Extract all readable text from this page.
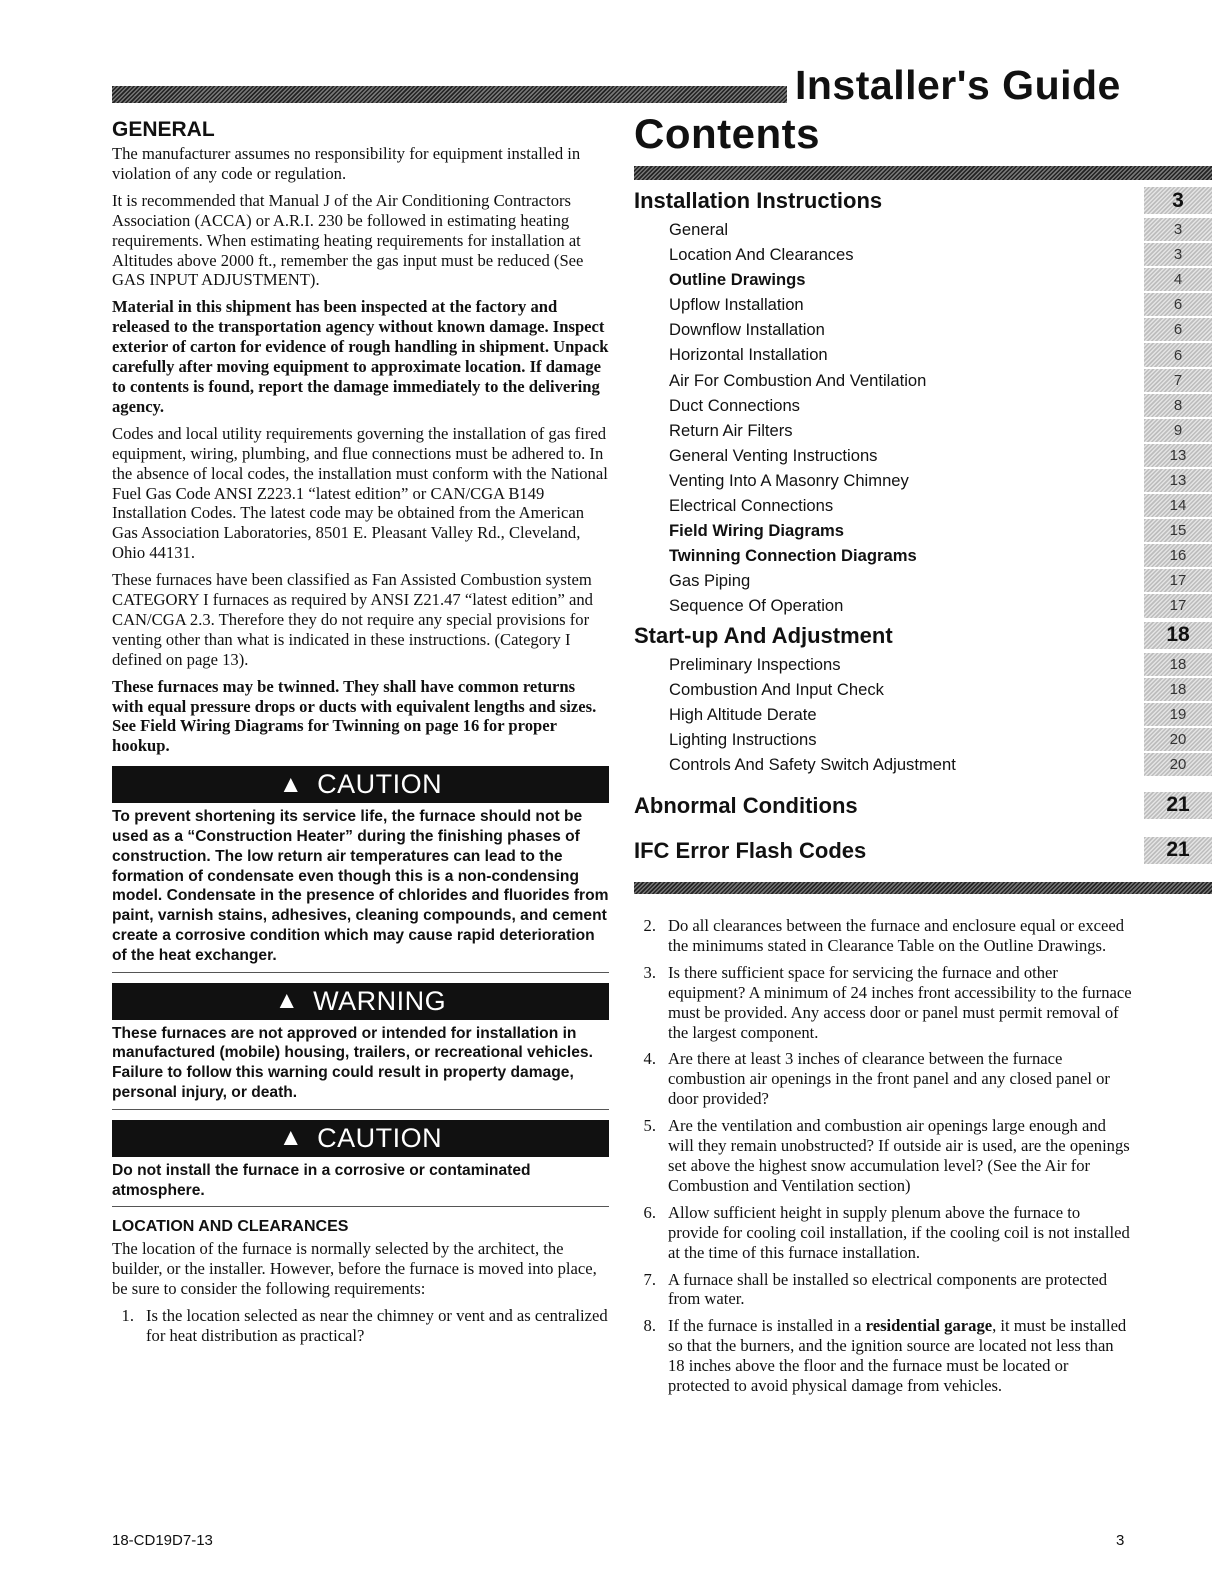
Installer's Guide
GENERAL

The manufacturer assumes no responsibility for equipment installed in violation of any code or regulation.

It is recommended that Manual J of the Air Conditioning Contractors Association (ACCA) or A.R.I. 230 be followed in estimating heating requirements. When estimating heating requirements for installation at Altitudes above 2000 ft., remember the gas input must be reduced (See GAS INPUT ADJUSTMENT).

Material in this shipment has been inspected at the factory and released to the transportation agency without known damage. Inspect exterior of carton for evidence of rough handling in shipment. Unpack carefully after moving equipment to approximate location. If damage to contents is found, report the damage immediately to the delivering agency.

Codes and local utility requirements governing the installation of gas fired equipment, wiring, plumbing, and flue connections must be adhered to. In the absence of local codes, the installation must conform with the National Fuel Gas Code ANSI Z223.1 “latest edition” or CAN/CGA B149 Installation Codes. The latest code may be obtained from the American Gas Association Laboratories, 8501 E. Pleasant Valley Rd., Cleveland, Ohio 44131.

These furnaces have been classified as Fan Assisted Combustion system CATEGORY I furnaces as required by ANSI Z21.47 “latest edition” and CAN/CGA 2.3. Therefore they do not require any special provisions for venting other than what is indicated in these instructions. (Category I defined on page 13).

These furnaces may be twinned. They shall have common returns with equal pressure drops or ducts with equivalent lengths and sizes. See Field Wiring Diagrams for Twinning on page 16 for proper hookup.

▲ CAUTION

To prevent shortening its service life, the furnace should not be used as a “Construction Heater” during the finishing phases of construction. The low return air temperatures can lead to the formation of condensate even though this is a non-condensing model. Condensate in the presence of chlorides and fluorides from paint, varnish stains, adhesives, cleaning compounds, and cement create a corrosive condition which may cause rapid deterioration of the heat exchanger.

▲ WARNING

These furnaces are not approved or intended for installation in manufactured (mobile) housing, trailers, or recreational vehicles. Failure to follow this warning could result in property damage, personal injury, or death.

▲ CAUTION

Do not install the furnace in a corrosive or contaminated atmosphere.

LOCATION AND CLEARANCES

The location of the furnace is normally selected by the architect, the builder, or the installer. However, before the furnace is moved into place, be sure to consider the following requirements:

1. Is the location selected as near the chimney or vent and as centralized for heat distribution as practical?
Contents
Installation Instructions	3
General	3
Location And Clearances	3
Outline Drawings	4
Upflow Installation	6
Downflow Installation	6
Horizontal Installation	6
Air For Combustion And Ventilation	7
Duct Connections	8
Return Air Filters	9
General Venting Instructions	13
Venting Into A Masonry Chimney	13
Electrical Connections	14
Field Wiring Diagrams	15
Twinning Connection Diagrams	16
Gas Piping	17
Sequence Of Operation	17
Start-up And Adjustment	18
Preliminary Inspections	18
Combustion And Input Check	18
High Altitude Derate	19
Lighting Instructions	20
Controls And Safety Switch Adjustment	20
Abnormal Conditions	21
IFC Error Flash Codes	21
2. Do all clearances between the furnace and enclosure equal or exceed the minimums stated in Clearance Table on the Outline Drawings.
3. Is there sufficient space for servicing the furnace and other equipment? A minimum of 24 inches front accessibility to the furnace must be provided. Any access door or panel must permit removal of the largest component.
4. Are there at least 3 inches of clearance between the furnace combustion air openings in the front panel and any closed panel or door provided?
5. Are the ventilation and combustion air openings large enough and will they remain unobstructed? If outside air is used, are the openings set above the highest snow accumulation level? (See the Air for Combustion and Ventilation section)
6. Allow sufficient height in supply plenum above the furnace to provide for cooling coil installation, if the cooling coil is not installed at the time of this furnace installation.
7. A furnace shall be installed so electrical components are protected from water.
8. If the furnace is installed in a residential garage, it must be installed so that the burners, and the ignition source are located not less than 18 inches above the floor and the furnace must be located or protected to avoid physical damage from vehicles.
18-CD19D7-13	3
